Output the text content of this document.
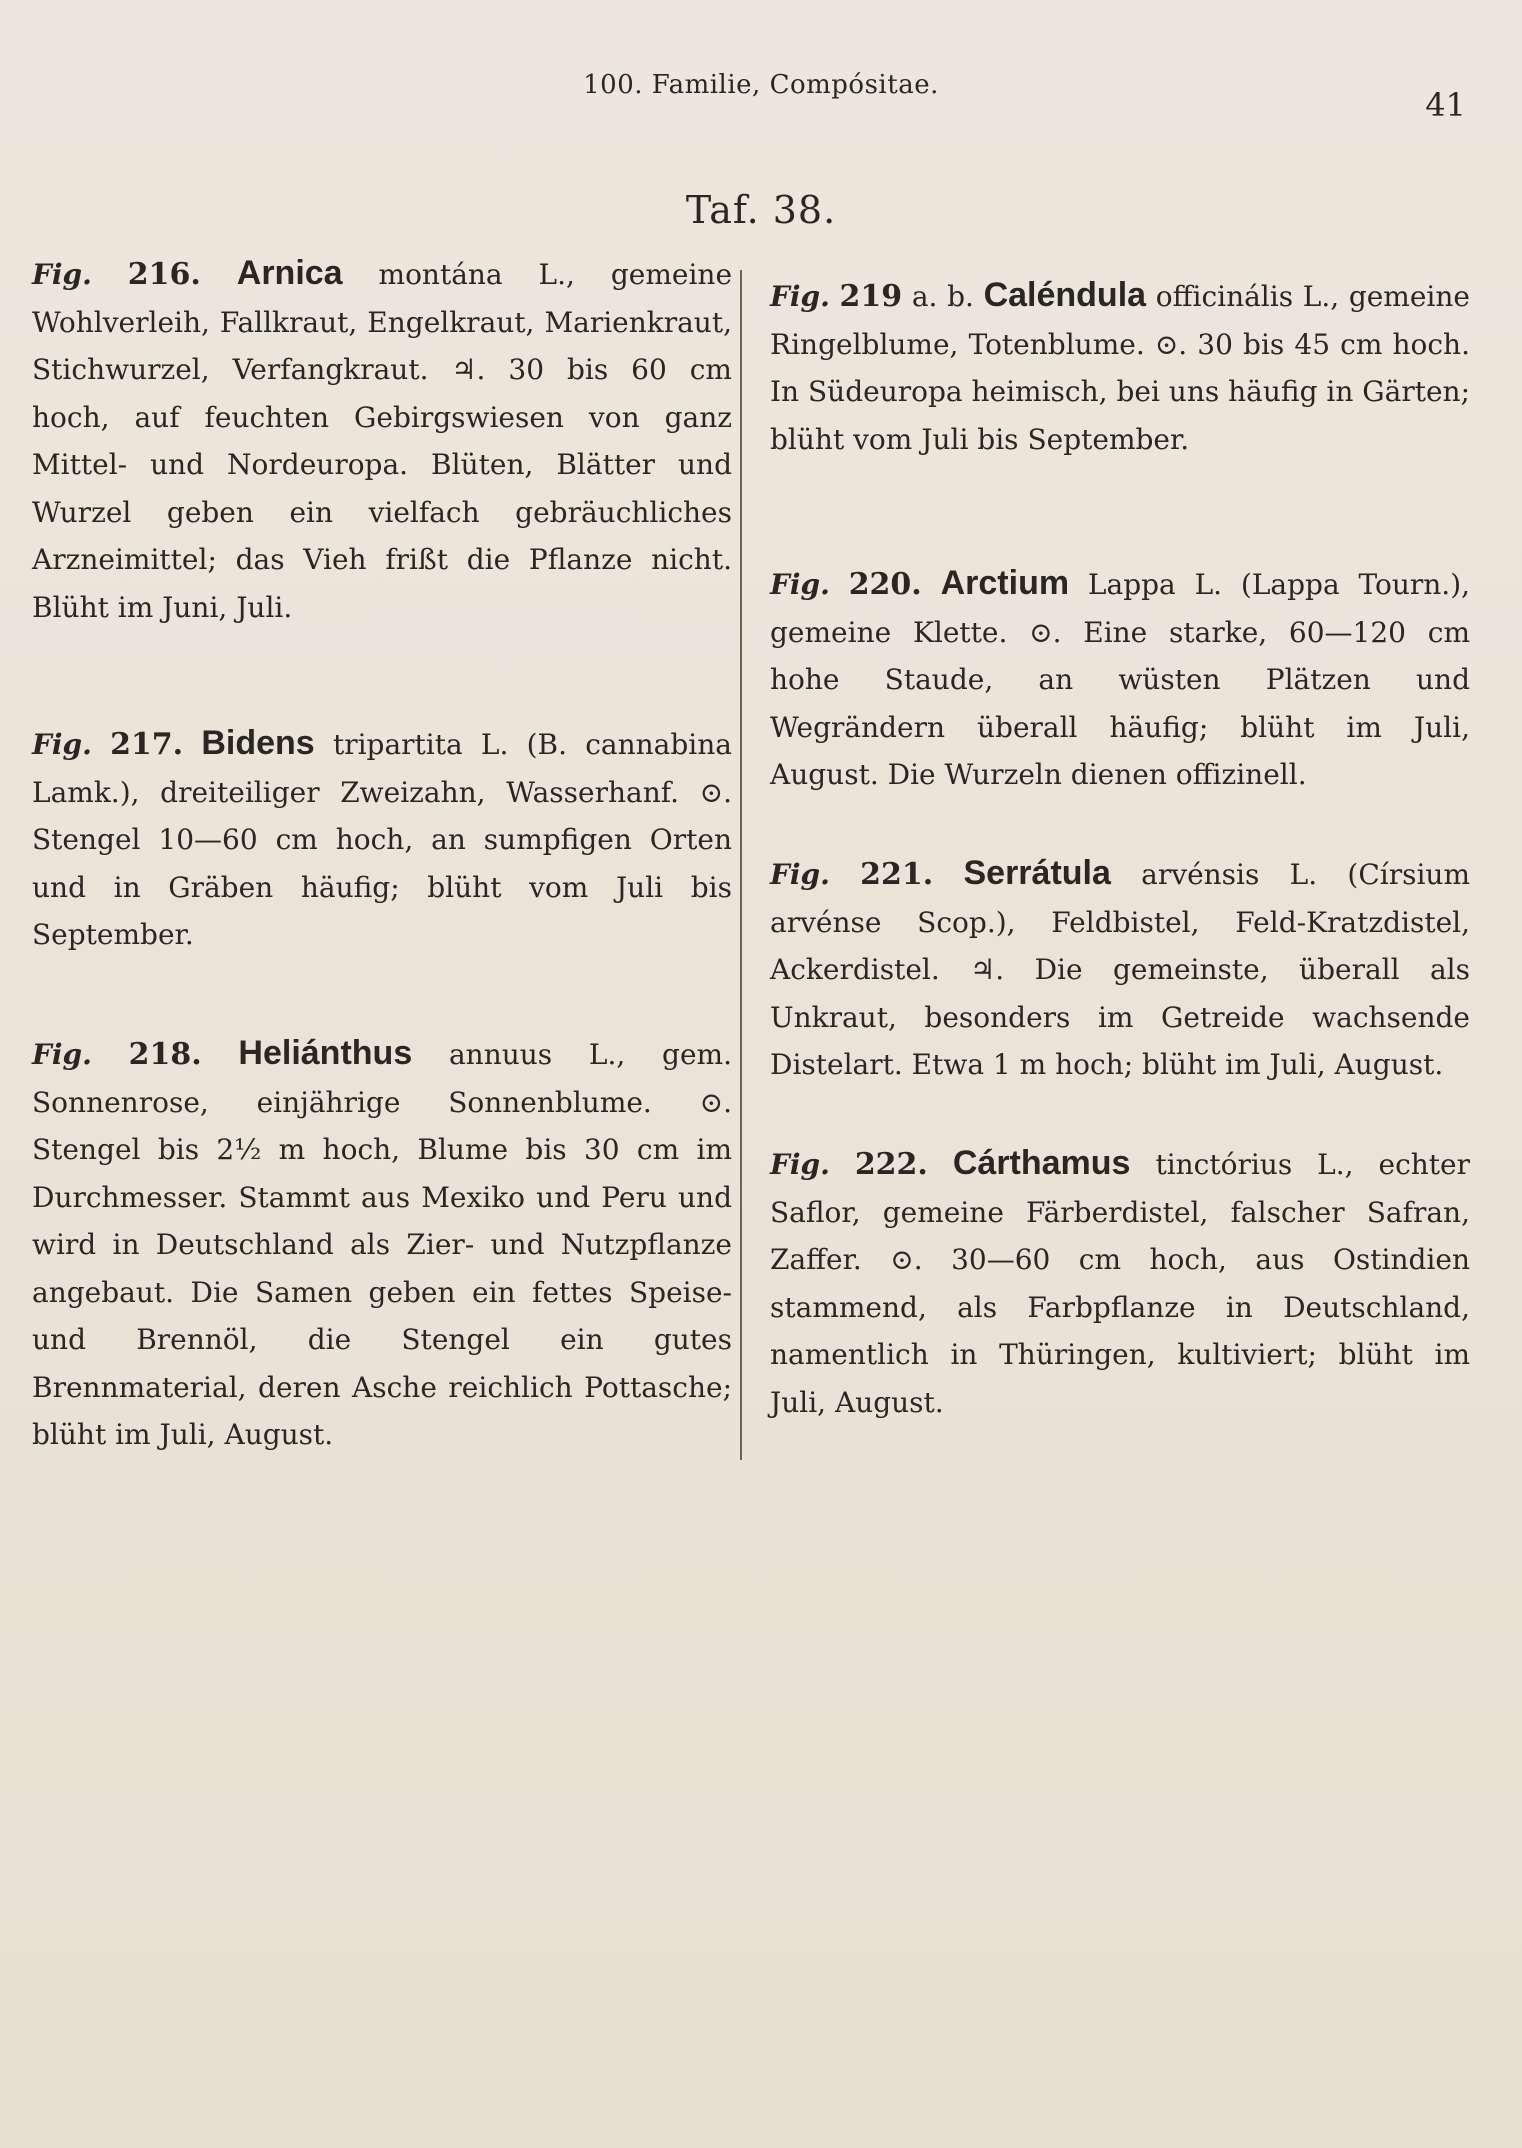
100. Familie, Compósitae.
41
Taf. 38.
Fig. 216. Arnica montána L., gemeine Wohlverleih, Fallkraut, Engelkraut, Marienkraut, Stichwurzel, Verfangkraut. ♃. 30 bis 60 cm hoch, auf feuchten Gebirgswiesen von ganz Mittel- und Nordeuropa. Blüten, Blätter und Wurzel geben ein vielfach gebräuchliches Arzneimittel; das Vieh frißt die Pflanze nicht. Blüht im Juni, Juli.
Fig. 217. Bidens tripartita L. (B. cannabina Lamk.), dreiteiliger Zweizahn, Wasserhanf. ⊙. Stengel 10—60 cm hoch, an sumpfigen Orten und in Gräben häufig; blüht vom Juli bis September.
Fig. 218. Heliánthus annuus L., gem. Sonnenrose, einjährige Sonnenblume. ⊙. Stengel bis 2½ m hoch, Blume bis 30 cm im Durchmesser. Stammt aus Mexiko und Peru und wird in Deutschland als Zier- und Nutzpflanze angebaut. Die Samen geben ein fettes Speise- und Brennöl, die Stengel ein gutes Brennmaterial, deren Asche reichlich Pottasche; blüht im Juli, August.
Fig. 219 a. b. Caléndula officinális L., gemeine Ringelblume, Totenblume. ⊙. 30 bis 45 cm hoch. In Südeuropa heimisch, bei uns häufig in Gärten; blüht vom Juli bis September.
Fig. 220. Arctium Lappa L. (Lappa Tourn.), gemeine Klette. ⊙. Eine starke, 60—120 cm hohe Staude, an wüsten Plätzen und Wegrändern überall häufig; blüht im Juli, August. Die Wurzeln dienen offizinell.
Fig. 221. Serrátula arvénsis L. (Círsium arvénse Scop.), Feldbistel, Feld-Kratzdistel, Ackerdistel. ♃. Die gemeinste, überall als Unkraut, besonders im Getreide wachsende Distelart. Etwa 1 m hoch; blüht im Juli, August.
Fig. 222. Cárthamus tinctórius L., echter Saflor, gemeine Färberdistel, falscher Safran, Zaffer. ⊙. 30—60 cm hoch, aus Ostindien stammend, als Farbpflanze in Deutschland, namentlich in Thüringen, kultiviert; blüht im Juli, August.
